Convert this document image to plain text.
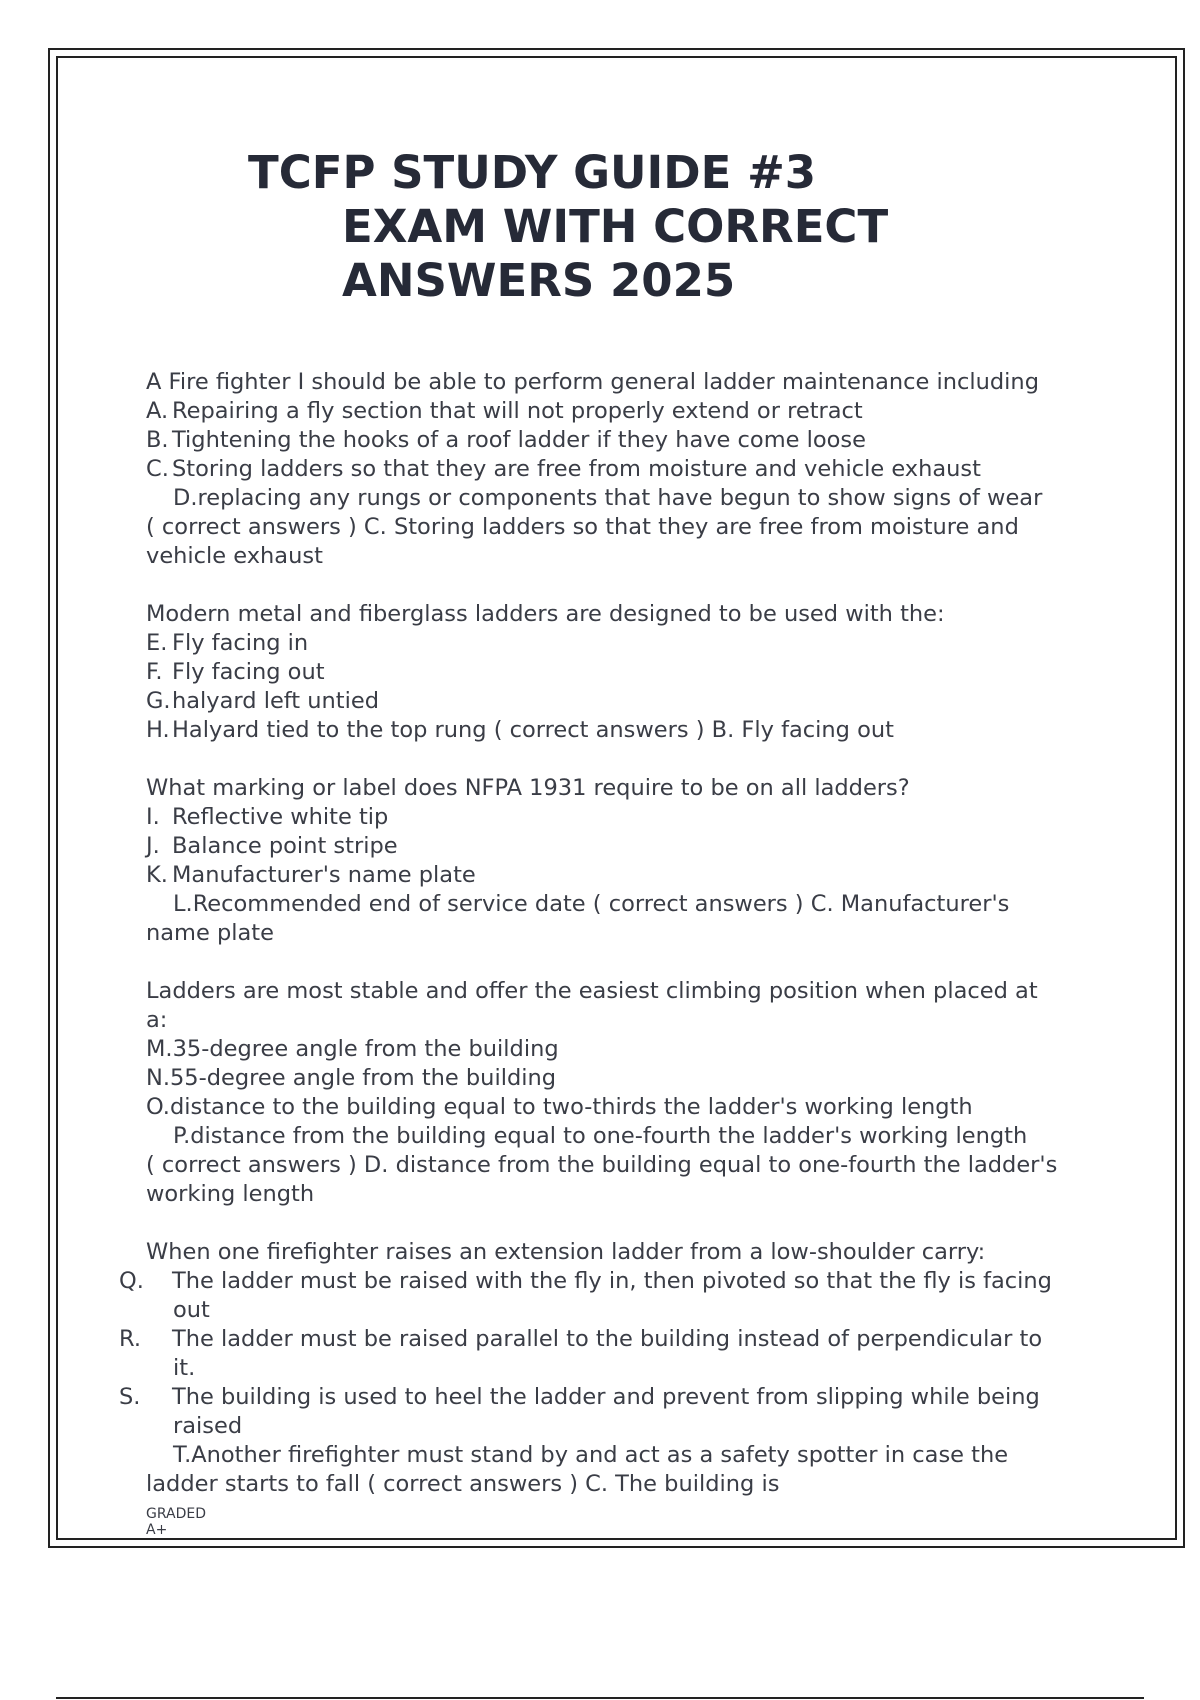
TCFP STUDY GUIDE #3
EXAM WITH CORRECT
ANSWERS 2025
A Fire fighter I should be able to perform general ladder maintenance including
A. Repairing a fly section that will not properly extend or retract
B. Tightening the hooks of a roof ladder if they have come loose
C. Storing ladders so that they are free from moisture and vehicle exhaust
D.replacing any rungs or components that have begun to show signs of wear
( correct answers ) C. Storing ladders so that they are free from moisture and vehicle exhaust
Modern metal and fiberglass ladders are designed to be used with the:
E. Fly facing in
F. Fly facing out
G.halyard left untied
H. Halyard tied to the top rung ( correct answers ) B. Fly facing out
What marking or label does NFPA 1931 require to be on all ladders?
I. Reflective white tip
J. Balance point stripe
K. Manufacturer's name plate
L.Recommended end of service date ( correct answers ) C. Manufacturer's name plate
Ladders are most stable and offer the easiest climbing position when placed at a:
M.35-degree angle from the building
N.55-degree angle from the building
O.distance to the building equal to two-thirds the ladder's working length
P.distance from the building equal to one-fourth the ladder's working length
( correct answers ) D. distance from the building equal to one-fourth the ladder's working length
When one firefighter raises an extension ladder from a low-shoulder carry:
Q. The ladder must be raised with the fly in, then pivoted so that the fly is facing out
R. The ladder must be raised parallel to the building instead of perpendicular to it.
S. The building is used to heel the ladder and prevent from slipping while being raised
T.Another firefighter must stand by and act as a safety spotter in case the ladder starts to fall ( correct answers ) C. The building is
GRADED
A+
